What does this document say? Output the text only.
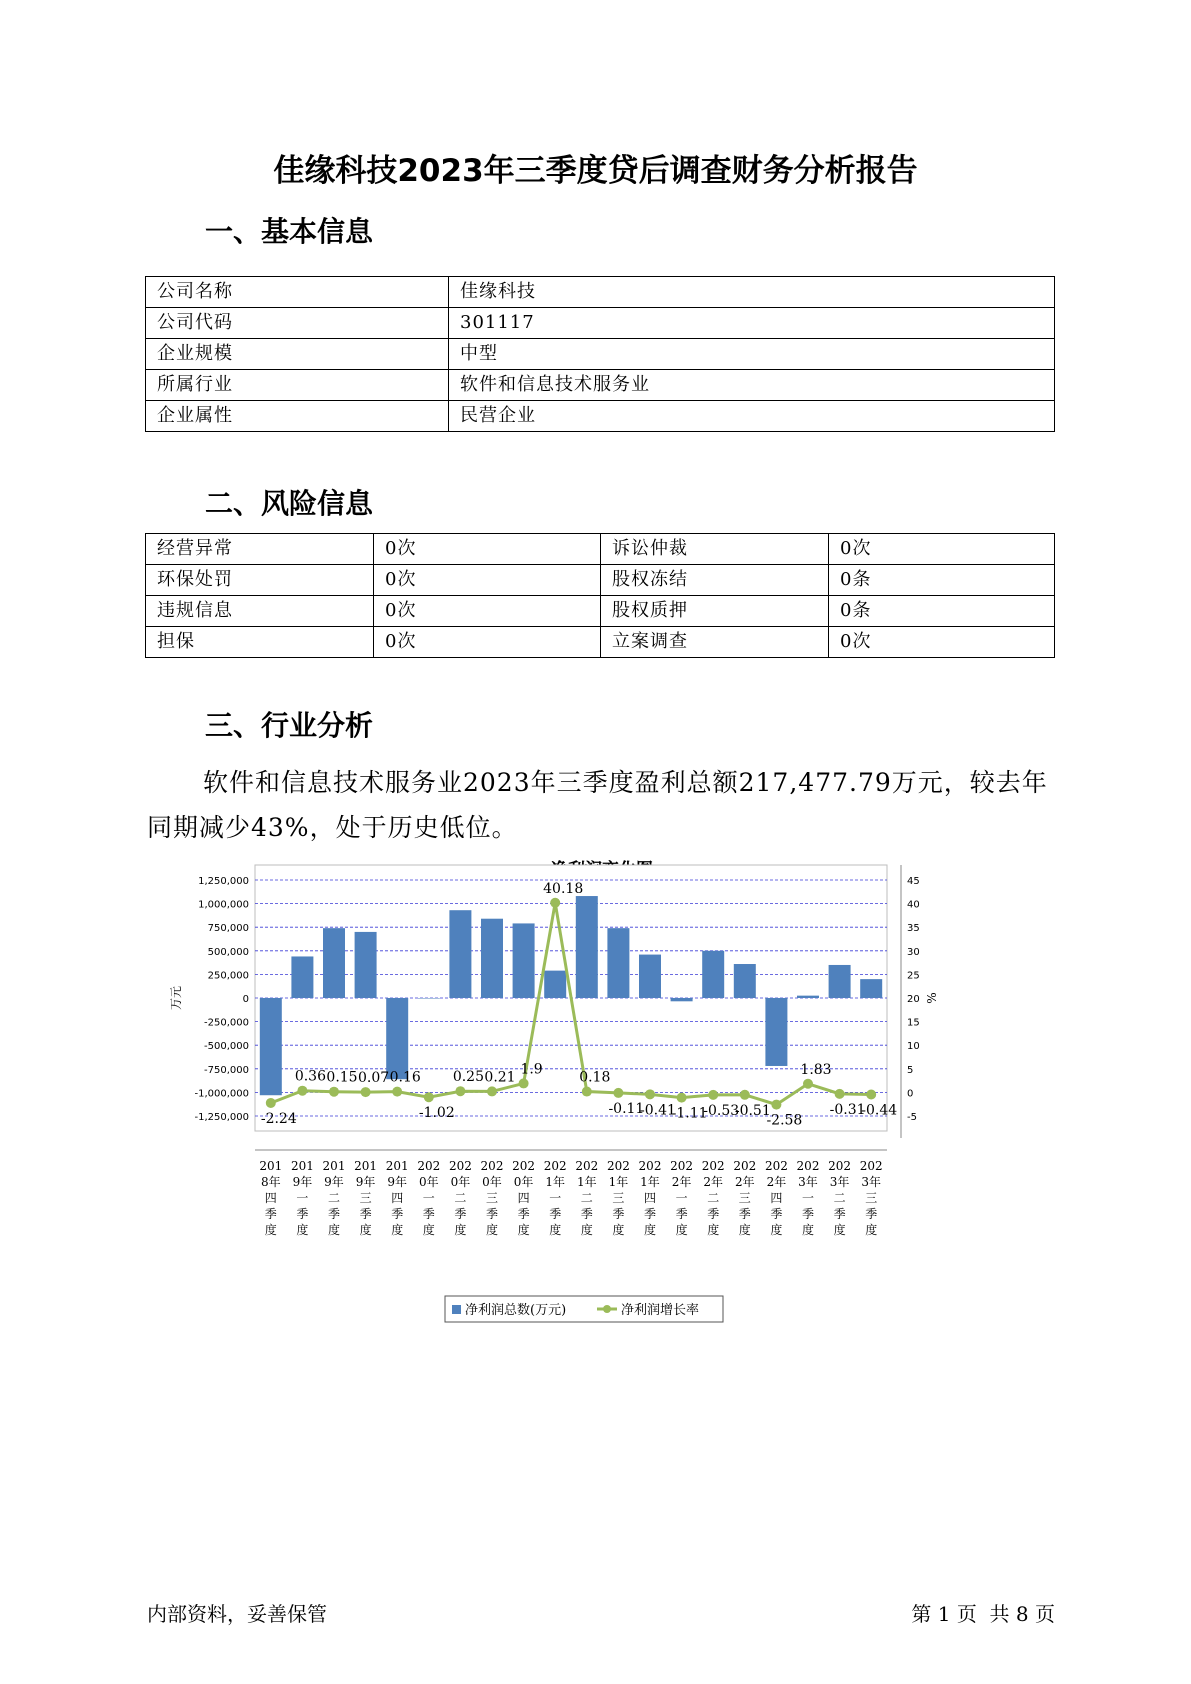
佳缘科技2023年三季度贷后调查财务分析报告
一、基本信息
公司名称	佳缘科技
公司代码	301117
企业规模	中型
所属行业	软件和信息技术服务业
企业属性	民营企业
二、风险信息
经营异常	0次	诉讼仲裁	0次
环保处罚	0次	股权冻结	0条
违规信息	0次	股权质押	0条
担保	0次	立案调查	0次
三、行业分析
软件和信息技术服务业2023年三季度盈利总额217,477.79万元，较去年同期减少43%，处于历史低位。
1,250,000
1,000,000
750,000
500,000
250,000
0
-250,000
-500,000
-750,000
-1,000,000
-1,250,000
45
40
35
30
25
20
15
10
5
0
-5
万元	%
-2.24
0.36 0.15 0.07 0.16
-1.02
0.25 0.21 1.9
40.18
0.18
-0.11
-0.41
-1.11
-0.53
-0.51
-2.58
1.83
-0.31
-0.44
201
8年
四
季
度
201
9年
一
季
度
201
9年
二
季
度
201
9年
三
季
度
201
9年
四
季
度
202
0年
一
季
度
202
0年
二
季
度
202
0年
三
季
度
202
0年
四
季
度
202
1年
一
季
度
202
1年
二
季
度
202
1年
三
季
度
202
1年
四
季
度
202
2年
一
季
度
202
2年
二
季
度
202
2年
三
季
度
202
2年
四
季
度
202
3年
一
季
度
202
3年
二
季
度
202
3年
三
季
度
净利润总数(万元)	净利润增长率
内部资料，妥善保管	第 1 页  共 8 页
